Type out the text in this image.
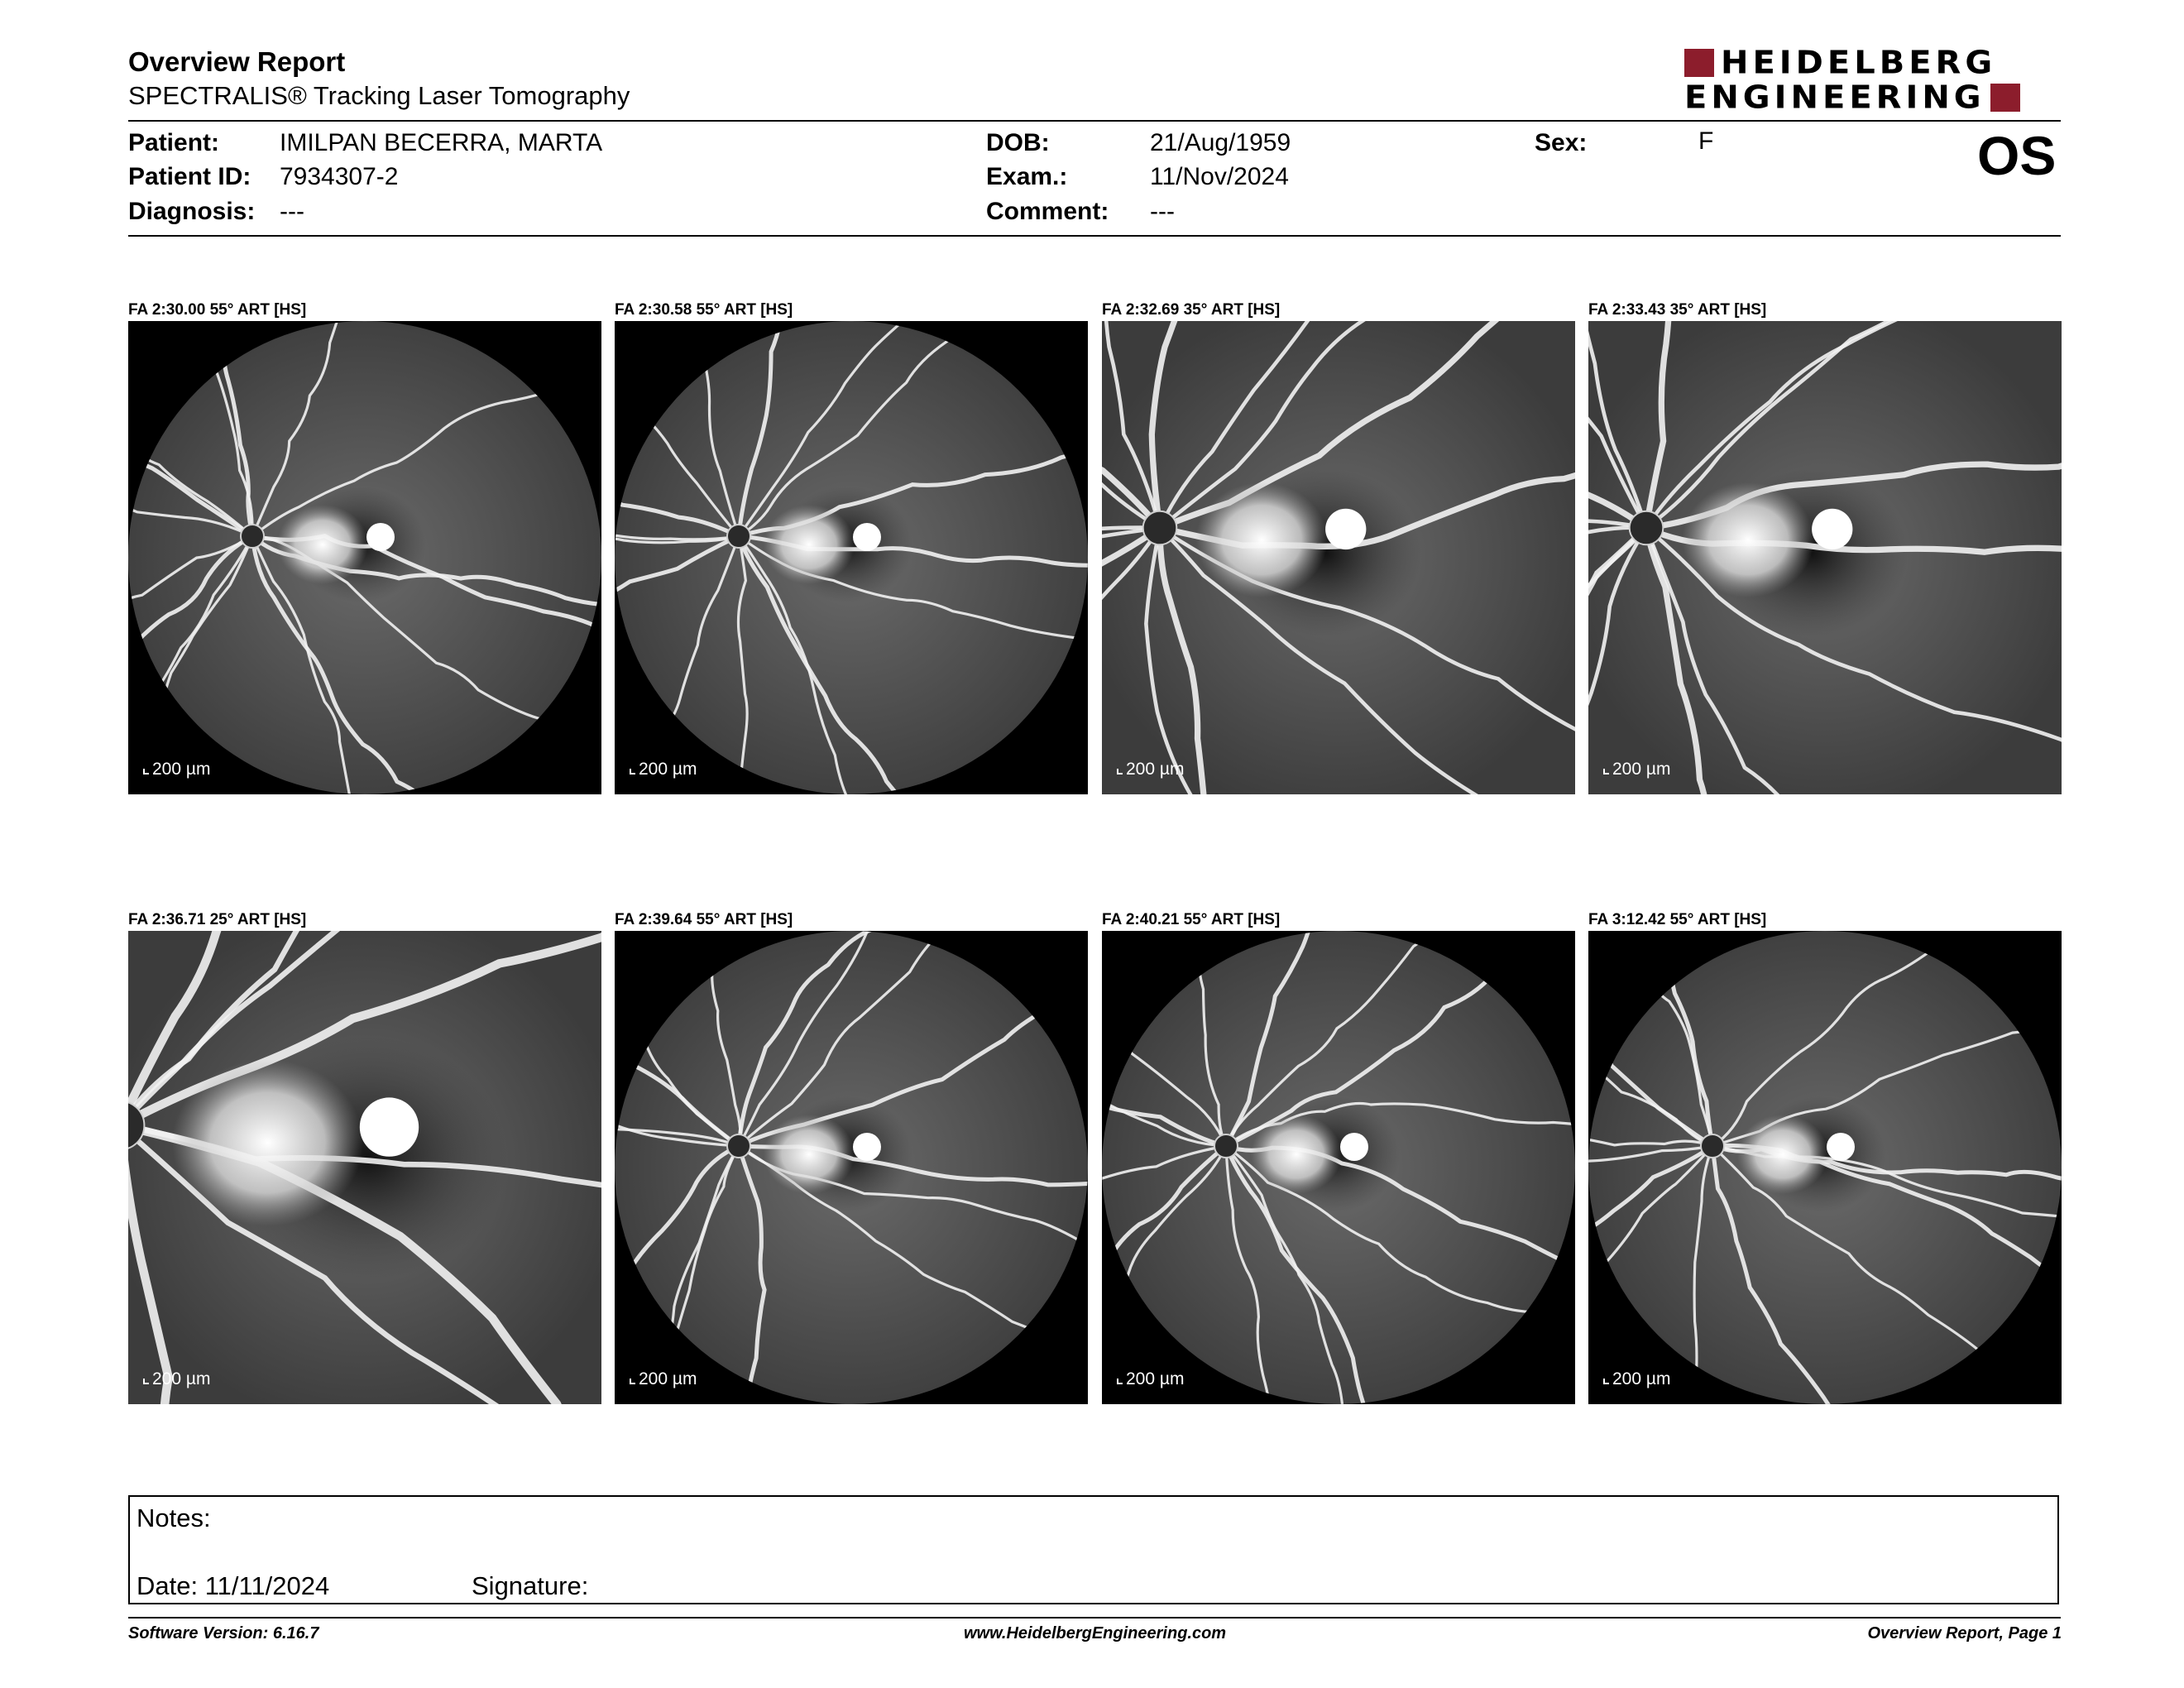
Overview Report
SPECTRALIS® Tracking Laser Tomography
HEIDELBERG
ENGINEERING
Patient: IMILPAN BECERRA, MARTA
Patient ID: 7934307-2
Diagnosis: ---
DOB:	21/Aug/1959
Exam.:	11/Nov/2024
Comment: ---
Sex:	F	OS
FA 2:30.00 55° ART [HS]
200 µm
FA 2:30.58 55° ART [HS]
200 µm
FA 2:32.69 35° ART [HS]
200 µm
FA 2:33.43 35° ART [HS]
200 µm
FA 2:36.71 25° ART [HS]
200 µm
FA 2:39.64 55° ART [HS]
200 µm
FA 2:40.21 55° ART [HS]
200 µm
FA 3:12.42 55° ART [HS]
200 µm
Notes:
Date: 11/11/2024	Signature:
Software Version: 6.16.7	www.HeidelbergEngineering.com	Overview Report, Page 1
